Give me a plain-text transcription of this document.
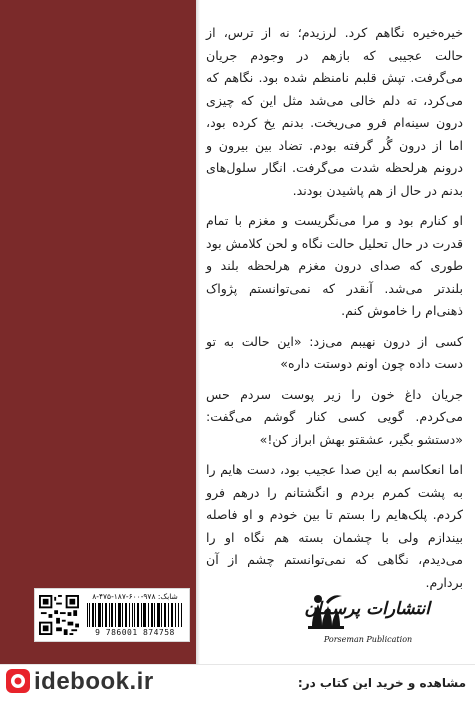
خیره‌خیره نگاهم کرد. لرزیدم؛ نه از ترس، از حالت عجیبی که بازهم در وجودم جریان می‌گرفت. تپش قلبم نامنظم شده بود. نگاهم که می‌کرد، ته دلم خالی می‌شد مثل این که چیزی درون سینه‌ام فرو می‌ریخت. بدنم یخ کرده بود، اما از درون گُر گرفته بودم. تضاد بین بیرون و درونم هرلحظه شدت می‌گرفت. انگار سلول‌های بدنم در حال از هم پاشیدن بودند.

او کنارم بود و مرا می‌نگریست و مغزم با تمام قدرت در حال تحلیل حالت نگاه و لحن کلامش بود طوری که صدای درون مغزم هرلحظه بلند و بلندتر می‌شد. آنقدر که نمی‌توانستم پژواک ذهنی‌ام را خاموش کنم.

کسی از درون نهیبم می‌زد: «این حالت به تو دست داده چون اونم دوستت داره»

جریان داغ خون را زیر پوست سردم حس می‌کردم. گویی کسی کنار گوشم می‌گفت: «دستشو بگیر، عشقتو بهش ابراز کن!»

اما انعکاسم به این صدا عجیب بود، دست هایم را به پشت کمرم بردم و انگشتانم را درهم فرو کردم. پلک‌هایم را بستم تا بین خودم و او فاصله بیندازم ولی با چشمان بسته هم نگاه او را می‌دیدم، نگاهی که نمی‌توانستم چشم از آن بردارم.

شابک: ۹۷۸-۶۰۰-۱۸۷-۴۷۵-۸
9 786001 874758
انتشارات پرسمان
Porseman Publication
idebook.ir	مشاهده و خرید این کتاب در:
